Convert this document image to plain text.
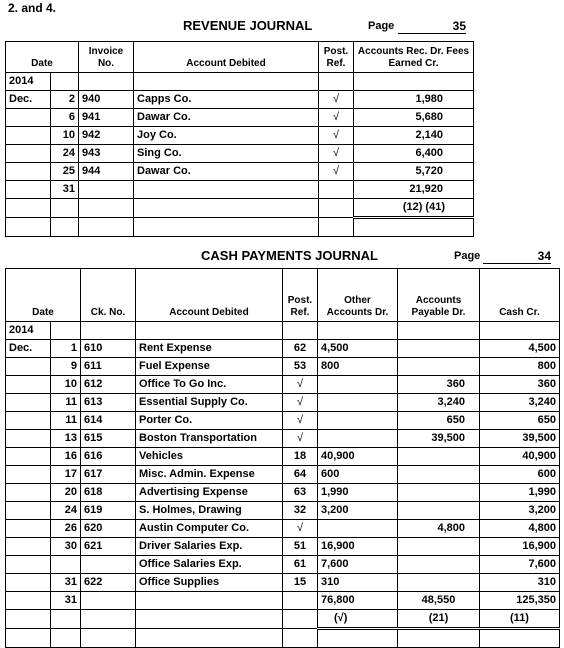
2. and 4.
REVENUE JOURNAL	Page	35
Date		Invoice No.	Account Debited	Post. Ref.	Accounts Rec. Dr. Fees Earned Cr.
2014					
Dec.	2	940	Capps Co.	√	1,980
	6	941	Dawar Co.	√	5,680
	10	942	Joy Co.	√	2,140
	24	943	Sing Co.	√	6,400
	25	944	Dawar Co.	√	5,720
	31				21,920
					(12) (41)

CASH PAYMENTS JOURNAL	Page	34
Date		Ck. No.	Account Debited	Post. Ref.	Other Accounts Dr.	Accounts Payable Dr.	Cash Cr.
2014							
Dec.	1	610	Rent Expense	62	4,500		4,500
	9	611	Fuel Expense	53	800		800
	10	612	Office To Go Inc.	√		360	360
	11	613	Essential Supply Co.	√		3,240	3,240
	11	614	Porter Co.	√		650	650
	13	615	Boston Transportation	√		39,500	39,500
	16	616	Vehicles	18	40,900		40,900
	17	617	Misc. Admin. Expense	64	600		600
	20	618	Advertising Expense	63	1,990		1,990
	24	619	S. Holmes, Drawing	32	3,200		3,200
	26	620	Austin Computer Co.	√		4,800	4,800
	30	621	Driver Salaries Exp.	51	16,900		16,900
			Office Salaries Exp.	61	7,600		7,600
	31	622	Office Supplies	15	310		310
	31				76,800	48,550	125,350
					(√)	(21)	(11)
